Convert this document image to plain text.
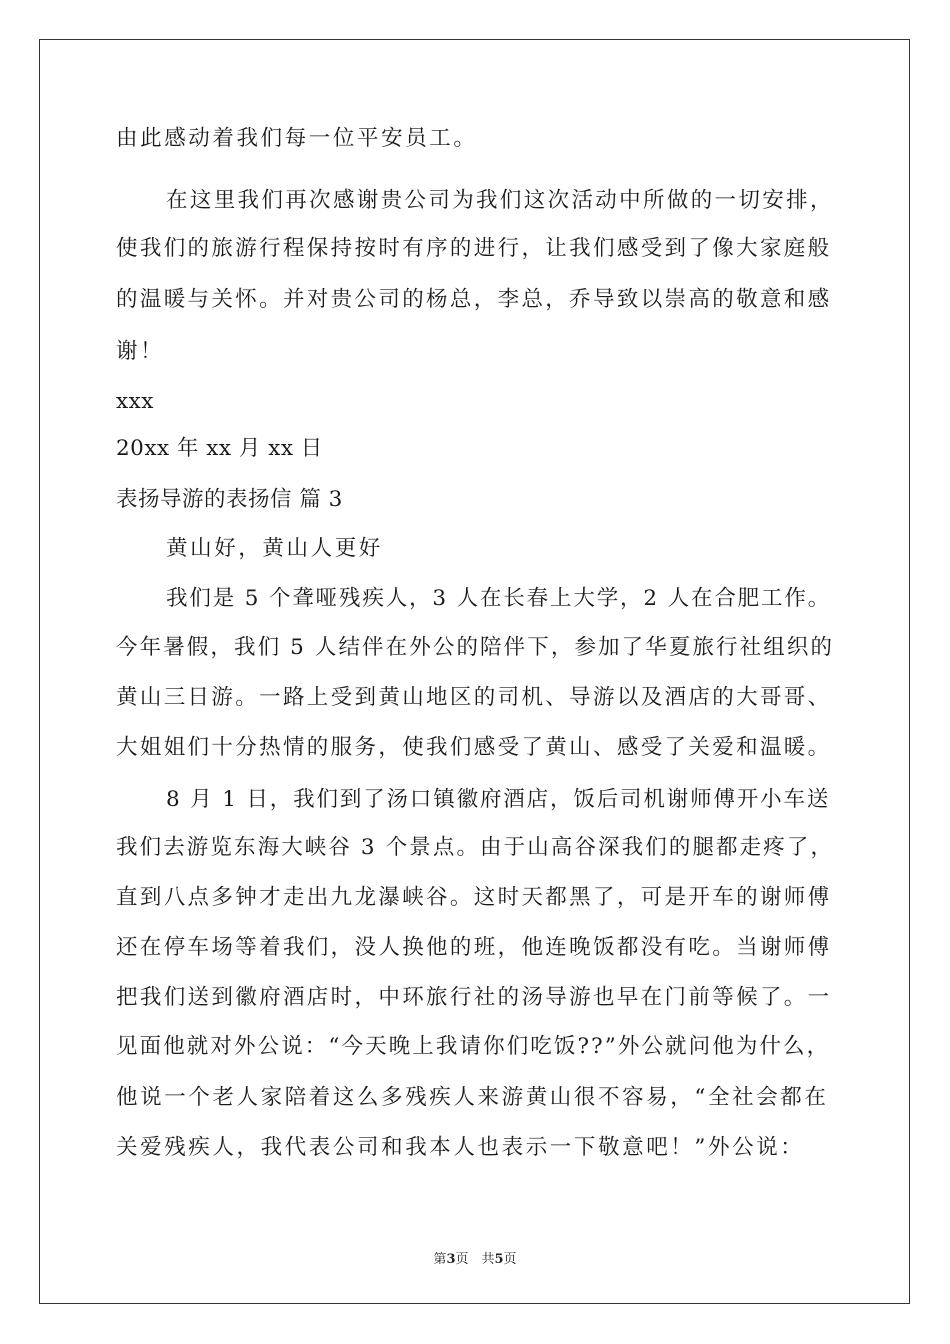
由此感动着我们每一位平安员工。
在这里我们再次感谢贵公司为我们这次活动中所做的一切安排，
使我们的旅游行程保持按时有序的进行，让我们感受到了像大家庭般
的温暖与关怀。并对贵公司的杨总，李总，乔导致以崇高的敬意和感
谢！
xxx
20xx 年 xx 月 xx 日
表扬导游的表扬信 篇 3
黄山好，黄山人更好
我们是 5 个聋哑残疾人，3 人在长春上大学，2 人在合肥工作。
今年暑假，我们 5 人结伴在外公的陪伴下，参加了华夏旅行社组织的
黄山三日游。一路上受到黄山地区的司机、导游以及酒店的大哥哥、
大姐姐们十分热情的服务，使我们感受了黄山、感受了关爱和温暖。
8 月 1 日，我们到了汤口镇徽府酒店，饭后司机谢师傅开小车送
我们去游览东海大峡谷 3 个景点。由于山高谷深我们的腿都走疼了，
直到八点多钟才走出九龙瀑峡谷。这时天都黑了，可是开车的谢师傅
还在停车场等着我们，没人换他的班，他连晚饭都没有吃。当谢师傅
把我们送到徽府酒店时，中环旅行社的汤导游也早在门前等候了。一
见面他就对外公说：“今天晚上我请你们吃饭??”外公就问他为什么，
他说一个老人家陪着这么多残疾人来游黄山很不容易，“全社会都在
关爱残疾人，我代表公司和我本人也表示一下敬意吧！”外公说：
第3页　共5页
